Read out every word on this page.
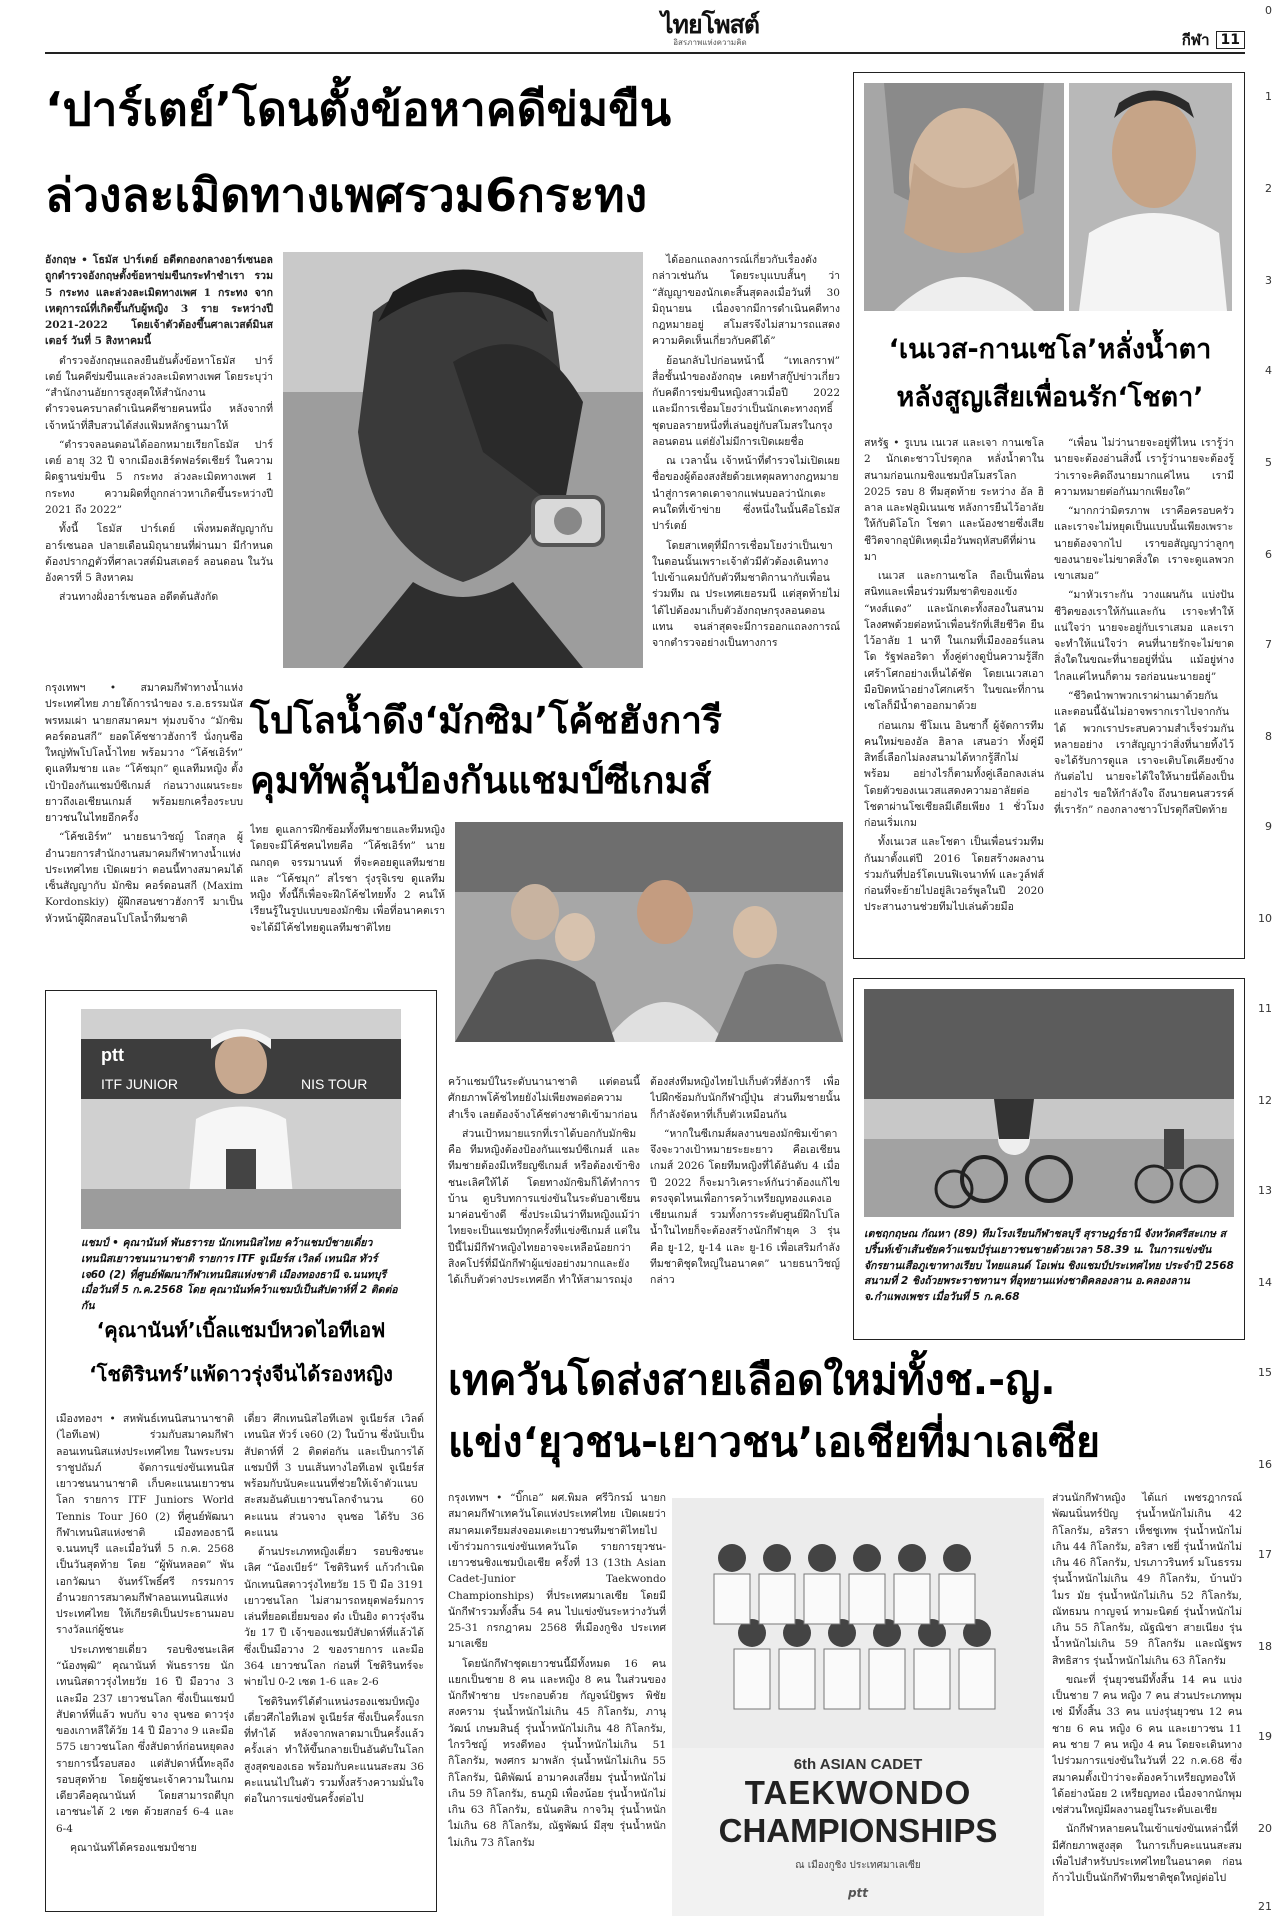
ไทยโพสต์
อิสรภาพแห่งความคิด	กีฬา 11
0
1
2
3
4
5
6
7
8
9
10
11
12
13
14
15
16
17
18
19
20
21
‘ปาร์เตย์’โดนตั้งข้อหาคดีข่มขืน
ล่วงละเมิดทางเพศรวม6กระทง

อังกฤษ • โธมัส ปาร์เตย์ อดีตกองกลางอาร์เซนอลถูกตำรวจอังกฤษตั้งข้อหาข่มขืนกระทำชำเรา รวม 5 กระทง และล่วงละเมิดทางเพศ 1 กระทง จากเหตุการณ์ที่เกิดขึ้นกับผู้หญิง 3 ราย ระหว่างปี 2021-2022 โดยเจ้าตัวต้องขึ้นศาลเวสต์มินสเตอร์ วันที่ 5 สิงหาคมนี้

ตำรวจอังกฤษแถลงยืนยันตั้งข้อหาโธมัส ปาร์เตย์ ในคดีข่มขืนและล่วงละเมิดทางเพศ โดยระบุว่า “สำนักงานอัยการสูงสุดให้สำนักงานตำรวจนครบาลดำเนินคดีชายคนหนึ่ง หลังจากที่เจ้าหน้าที่สืบสวนได้ส่งแฟ้มหลักฐานมาให้

“ตำรวจลอนดอนได้ออกหมายเรียกโธมัส ปาร์เตย์ อายุ 32 ปี จากเมืองเฮิร์ตฟอร์ดเชียร์ ในความผิดฐานข่มขืน 5 กระทง ล่วงละเมิดทางเพศ 1 กระทง ความผิดที่ถูกกล่าวหาเกิดขึ้นระหว่างปี 2021 ถึง 2022”

ทั้งนี้ โธมัส ปาร์เตย์ เพิ่งหมดสัญญากับอาร์เซนอล ปลายเดือนมิถุนายนที่ผ่านมา มีกำหนดต้องปรากฏตัวที่ศาลเวสต์มินสเตอร์ ลอนดอน ในวันอังคารที่ 5 สิงหาคม

ส่วนทางฝั่งอาร์เซนอล อดีตต้นสังกัด

ได้ออกแถลงการณ์เกี่ยวกับเรื่องดังกล่าวเช่นกัน โดยระบุแบบสั้นๆ ว่า “สัญญาของนักเตะสิ้นสุดลงเมื่อวันที่ 30 มิถุนายน เนื่องจากมีการดำเนินคดีทางกฎหมายอยู่ สโมสรจึงไม่สามารถแสดงความคิดเห็นเกี่ยวกับคดีได้”

ย้อนกลับไปก่อนหน้านี้ “เทเลกราฟ” สื่อชั้นนำของอังกฤษ เคยทำสกู๊ปข่าวเกี่ยวกับคดีการข่มขืนหญิงสาวเมื่อปี 2022 และมีการเชื่อมโยงว่าเป็นนักเตะทางฤทธิ์ชุดบอลรายหนึ่งที่เล่นอยู่กับสโมสรในกรุงลอนดอน แต่ยังไม่มีการเปิดเผยชื่อ

ณ เวลานั้น เจ้าหน้าที่ตำรวจไม่เปิดเผยชื่อของผู้ต้องสงสัยด้วยเหตุผลทางกฎหมาย นำสู่การคาดเดาจากแฟนบอลว่านักเตะคนใดที่เข้าข่าย ซึ่งหนึ่งในนั้นคือโธมัส ปาร์เตย์

โดยสาเหตุที่มีการเชื่อมโยงว่าเป็นเขาในตอนนั้นเพราะเจ้าตัวมีตัวต้องเดินทางไปเข้าแคมป์กับตัวทีมชาติกานากับเพื่อนร่วมทีม ณ ประเทศเยอรมนี แต่สุดท้ายไม่ได้ไปต้องมาเก็บตัวอังกฤษกรุงลอนดอนแทน จนล่าสุดจะมีการออกแถลงการณ์จากตำรวจอย่างเป็นทางการ

‘เนเวส-กานเซโล’หลั่งน้ำตา
หลังสูญเสียเพื่อนรัก‘โชตา’

สหรัฐ • รูเบน เนเวส และเจา กานเซโล 2 นักเตะชาวโปรตุกล หลั่งน้ำตาในสนามก่อนเกมชิงแชมป์สโมสรโลก 2025 รอบ 8 ทีมสุดท้าย ระหว่าง อัล ฮิลาล และฟลูมิเนนเซ หลังการยืนไว้อาลัยให้กับดิโอโก โชตา และน้องชายซึ่งเสียชีวิตจากอุบัติเหตุเมื่อวันพฤหัสบดีที่ผ่านมา

เนเวส และกานเซโล ถือเป็นเพื่อนสนิทและเพื่อนร่วมทีมชาติของแข้ง “หงส์แดง” และนักเตะทั้งสองในสนามโลงศพด้วยต่อหน้าเพื่อนรักที่เสียชีวิต ยืนไว้อาลัย 1 นาที ในเกมที่เมืองออร์แลนโด รัฐฟลอริดา ทั้งคู่ต่างดูปั่นความรู้สึกเศร้าโศกอย่างเห็นได้ชัด โดยเนเวสเอามือปิดหน้าอย่างโศกเศร้า ในขณะที่กานเซโลก็มีน้ำตาออกมาด้วย

ก่อนเกม ชีโมเน อินซากี้ ผู้จัดการทีมคนใหม่ของอัล ฮิลาล เสนอว่า ทั้งคู่มีสิทธิ์เลือกไม่ลงสนามได้หากรู้สึกไม่พร้อม อย่างไรก็ตามทั้งคู่เลือกลงเล่น โดยตัวของเนเวสแสดงความอาลัยต่อโชตาผ่านโซเชียลมีเดียเพียง 1 ชั่วโมงก่อนเริ่มเกม

ทั้งเนเวส และโชตา เป็นเพื่อนร่วมทีมกันมาตั้งแต่ปี 2016 โดยสร้างผลงานร่วมกันที่ปอร์โตเบนฟิเจนาท์พ์ และวูล์ฟส์ก่อนที่จะย้ายไปอยู่ลิเวอร์พูลในปี 2020 ประสานงานช่วยทีมไปเล่นด้วยมือ

“เพื่อน ไม่ว่านายจะอยู่ที่ไหน เรารู้ว่านายจะต้องอ่านสิ่งนี้ เรารู้ว่านายจะต้องรู้ว่าเราจะคิดถึงนายมากแค่ไหน เรามีความหมายต่อกันมากเพียงใด”

“มากกว่ามิตรภาพ เราคือครอบครัว และเราจะไม่หยุดเป็นแบบนั้นเพียงเพราะนายต้องจากไป เราขอสัญญาว่าลูกๆ ของนายจะไม่ขาดสิ่งใด เราจะดูแลพวกเขาเสมอ”

“มาหัวเราะกัน วางแผนกัน แบ่งปันชีวิตของเราให้กันและกัน เราจะทำให้แน่ใจว่า นายจะอยู่กับเราเสมอ และเราจะทำให้แน่ใจว่า คนที่นายรักจะไม่ขาดสิ่งใดในขณะที่นายอยู่ที่นั่น แม้อยู่ห่างไกลแค่ไหนก็ตาม รอก่อนนะนายอยู่”

“ชีวิตนำพาพวกเราผ่านมาด้วยกัน และตอนนี้ฉันไม่อาจพรากเราไปจากกันได้ พวกเราประสบความสำเร็จร่วมกันหลายอย่าง เราสัญญาว่าสิ่งที่นายทิ้งไว้จะได้รับการดูแล เราจะเติบโตเคียงข้างกันต่อไป นายจะได้ใจให้นายนี่ต้องเป็นอย่างไร ขอให้กำลังใจ ถึงนายคนสวรรค์ที่เรารัก” กองกลางชาวโปรตุกีสปิดท้าย

กรุงเทพฯ • สมาคมกีฬาทางน้ำแห่งประเทศไทย ภายใต้การนำของ ร.อ.ธรรมนัส พรหมเผ่า นายกสมาคมฯ ทุ่มงบจ้าง “มักซิม คอร์ดอนสกี” ยอดโค้ชชาวฮังการี นั่งกุนซือใหญ่ทัพโปโลน้ำไทย พร้อมวาง “โค้ชเอิร์ท” ดูแลทีมชาย และ “โค้ชมุก” ดูแลทีมหญิง ตั้งเป้าป้องกันแชมป์ซีเกมส์ ก่อนวางแผนระยะยาวถึงเอเชียนเกมส์ พร้อมยกเครื่องระบบยาวชนในไทยอีกครั้ง

“โค้ชเอิร์ท” นายธนาวิชญ์ โถสกุล ผู้อำนวยการสำนักงานสมาคมกีฬาทางน้ำแห่งประเทศไทย เปิดเผยว่า ตอนนี้ทางสมาคมได้เซ็นสัญญากับ มักซิม คอร์ดอนสกี (Maxim Kordonskiy) ผู้ฝึกสอนชาวฮังการี มาเป็นหัวหน้าผู้ฝึกสอนโปโลน้ำทีมชาติ

โปโลน้ำดึง‘มักซิม’โค้ชฮังการี
คุมทัพลุ้นป้องกันแชมป์ซีเกมส์

ไทย ดูแลการฝึกซ้อมทั้งทีมชายและทีมหญิง โดยจะมีโค้ชคนไทยคือ “โค้ชเอิร์ท” นายณกฤต จรรมานนท์ ที่จะคอยดูแลทีมชาย และ “โค้ชมุก” สไรชา รุ่งรุจิเรข ดูแลทีมหญิง ทั้งนี้ก็เพื่อจะฝึกโค้ชไทยทั้ง 2 คนให้เรียนรู้ในรูปแบบของมักซิม เพื่อที่อนาคตเราจะได้มีโค้ชไทยดูแลทีมชาติไทย

ptt
ITF JUNIOR	NIS TOUR
แชมป์ • คุณานันท์ พันธรารย นักเทนนิสไทย คว้าแชมป์ชายเดี่ยวเทนนิสเยาวชนนานาชาติ รายการ ITF จูเนียร์ส เวิลด์ เทนนิส ทัวร์ เจ60 (2) ที่ศูนย์พัฒนากีฬาเทนนิสแห่งชาติ เมืองทองธานี จ.นนทบุรี เมื่อวันที่ 5 ก.ค.2568 โดย คุณานันท์คว้าแชมป์เป็นสัปดาห์ที่ 2 ติดต่อกัน
‘คุณานันท์’เบิ้ลแชมป์หวดไอทีเอฟ
‘โชติรินทร์’แพ้ดาวรุ่งจีนได้รองหญิง

เมืองทองฯ • สหพันธ์เทนนิสนานาชาติ (ไอทีเอฟ) ร่วมกับสมาคมกีฬาลอนเทนนิสแห่งประเทศไทย ในพระบรมราชูปถัมภ์ จัดการแข่งขันเทนนิสเยาวชนนานาชาติ เก็บคะแนนเยาวชนโลก รายการ ITF Juniors World Tennis Tour J60 (2) ที่ศูนย์พัฒนากีฬาเทนนิสแห่งชาติ เมืองทองธานี จ.นนทบุรี และเมื่อวันที่ 5 ก.ค. 2568 เป็นวันสุดท้าย โดย “ผู้พันหลอด” พันเอกวัฒนา จันทร์โพธิ์ศรี กรรมการอำนวยการสมาคมกีฬาลอนเทนนิสแห่งประเทศไทย ให้เกียรติเป็นประธานมอบรางวัลแก่ผู้ชนะ

ประเภทชายเดี่ยว รอบชิงชนะเลิศ “น้องพุฒิ” คุณานันท์ พันธรารย นักเทนนิสดาวรุ่งไทยวัย 16 ปี มือวาง 3 และมือ 237 เยาวชนโลก ซึ่งเป็นแชมป์สัปดาห์ที่แล้ว พบกับ จาง จุนซอ ดาวรุ่งของเกาหลีใต้วัย 14 ปี มือวาง 9 และมือ 575 เยาวชนโลก ซึ่งสัปดาห์ก่อนหยุดลงรายการนี้รอบสอง แต่สัปดาห์นี้ทะลุถึงรอบสุดท้าย โดยผู้ชนะเจ้าความในเกมเดียวคือคุณานันท์ โดยสามารถตีบุกเอาชนะได้ 2 เซต ด้วยสกอร์ 6-4 และ 6-4

คุณานันท์ได้ครองแชมป์ชาย

เดี่ยว ศึกเทนนิสไอทีเอฟ จูเนียร์ส เวิลด์ เทนนิส ทัวร์ เจ60 (2) ในบ้าน ซึ่งนับเป็นสัปดาห์ที่ 2 ติดต่อกัน และเป็นการได้แชมป์ที่ 3 บนเส้นทางไอทีเอฟ จูเนียร์ส พร้อมกับนับคะแนนที่ช่วยให้เจ้าตัวแนบสะสมอันดับเยาวชนโลกจำนวน 60 คะแนน ส่วนจาง จุนซอ ได้รับ 36 คะแนน

ด้านประเภทหญิงเดี่ยว รอบชิงชนะเลิศ “น้องเบียร์” โชติรินทร์ แก้วกำเนิด นักเทนนิสดาวรุ่งไทยวัย 15 ปี มือ 3191 เยาวชนโลก ไม่สามารถหยุดฟอร์มการเล่นที่ยอดเยี่ยมของ ต๋ง เป็นยิง ดาวรุ่งจีนวัย 17 ปี เจ้าของแชมป์สัปดาห์ที่แล้วได้ ซึ่งเป็นมือวาง 2 ของรายการ และมือ 364 เยาวชนโลก ก่อนที่ โชติรินทร์จะพ่ายไป 0-2 เซต 1-6 และ 2-6

โชติรินทร์ได้ตำแหน่งรองแชมป์หญิงเดี่ยวศึกไอทีเอฟ จูเนียร์ส ซึ่งเป็นครั้งแรกที่ทำได้ หลังจากพลาดมาเป็นครั้งแล้วครั้งเล่า ทำให้ขึ้นกลายเป็นอันดับในโลกสูงสุดของเธอ พร้อมกับคะแนนสะสม 36 คะแนนไปในตัว รวมทั้งสร้างความมั่นใจต่อในการแข่งขันครั้งต่อไป

คว้าแชมป์ในระดับนานาชาติ แต่ตอนนี้ศักยภาพโค้ชไทยยังไม่เพียงพอต่อความสำเร็จ เลยต้องจ้างโค้ชต่างชาติเข้ามาก่อน

ส่วนเป้าหมายแรกที่เราได้บอกกับมักซิม คือ ทีมหญิงต้องป้องกันแชมป์ซีเกมส์ และทีมชายต้องมีเหรียญซีเกมส์ หรือต้องเข้าชิงชนะเลิศให้ได้ โดยทางมักซิมก็ได้ทำการบ้าน ดูบริบทการแข่งขันในระดับอาเซียนมาค่อนข้างดี ซึ่งประเมินว่าทีมหญิงแม้ว่าไทยจะเป็นแชมป์ทุกครั้งที่แข่งซีเกมส์ แต่ในปีนี้ไม่มีกีฬาหญิงไทยอาจจะเหลือน้อยกว่าสิงคโปร์ที่มีนักกีฬาผู้แข่งอย่างมากและยังได้เก็บตัวต่างประเทศอีก ทำให้สามารถมุ่ง

ต้องส่งทีมหญิงไทยไปเก็บตัวที่ฮังการี เพื่อไปฝึกซ้อมกับนักกีฬาญี่ปุ่น ส่วนทีมชายนั้นก็กำลังจัดหาที่เก็บตัวเหมือนกัน

“หากในซีเกมส์ผลงานของมักซิมเข้าตาจึงจะวางเป้าหมายระยะยาว คือเอเชียนเกมส์ 2026 โดยทีมหญิงที่ได้อันดับ 4 เมื่อปี 2022 ก็จะมาวิเคราะห์กันว่าต้องแก้ไขตรงจุดไหนเพื่อการคว้าเหรียญทองแดงเอเชียนเกมส์ รวมทั้งการระดับศูนย์ฝึกโปโลน้ำในไทยก็จะต้องสร้างนักกีฬายุค 3 รุ่น คือ ยู-12, ยู-14 และ ยู-16 เพื่อเสริมกำลังทีมชาติชุดใหญ่ในอนาคต” นายธนาวิชญ์กล่าว

เตชฤกฤษณ กัณหา (89) ทีมโรงเรียนกีฬาชลบุรี สุราษฎร์ธานี จังหวัดศรีสะเกษ สปริ้นท์เข้าเส้นชัยคว้าแชมป์รุ่นเยาวชนชายด้วยเวลา 58.39 น. ในการแข่งขันจักรยานเสือภูเขาทางเรียบ ไทยแลนด์ โอเพ่น ชิงแชมป์ประเทศไทย ประจำปี 2568 สนามที่ 2 ชิงถ้วยพระราชทานฯ ที่อุทยานแห่งชาติคลองลาน อ.คลองลาน จ.กำแพงเพชร เมื่อวันที่ 5 ก.ค.68
เทควันโดส่งสายเลือดใหม่ทั้งช.-ญ.
แข่ง‘ยุวชน-เยาวชน’เอเชียที่มาเลเซีย

กรุงเทพฯ • “บิ๊กเอ” ผศ.พิมล ศรีวิกรม์ นายกสมาคมกีฬาเทควันโดแห่งประเทศไทย เปิดเผยว่า สมาคมเตรียมส่งจอมเตะเยาวชนทีมชาติไทยไปเข้าร่วมการแข่งขันเทควันโด รายการยุวชน-เยาวชนชิงแชมป์เอเชีย ครั้งที่ 13 (13th Asian Cadet-Junior Taekwondo Championships) ที่ประเทศมาเลเซีย โดยมีนักกีฬารวมทั้งสิ้น 54 คน ไปแข่งขันระหว่างวันที่ 25-31 กรกฎาคม 2568 ที่เมืองกูชิง ประเทศมาเลเซีย

โดยนักกีฬาชุดเยาวชนนี้มีทั้งหมด 16 คน แยกเป็นชาย 8 คน และหญิง 8 คน ในส่วนของนักกีฬาชาย ประกอบด้วย กัญจน์ปัฐพร พิชัยสงคราม รุ่นน้ำหนักไม่เกิน 45 กิโลกรัม, ภานุวัฒน์ เกษมสินธุ์ รุ่นน้ำหนักไม่เกิน 48 กิโลกรัม, ไกรวิชญ์ ทรงดีทอง รุ่นน้ำหนักไม่เกิน 51 กิโลกรัม, พงศกร มาพลัก รุ่นน้ำหนักไม่เกิน 55 กิโลกรัม, นิติพัฒน์ อามาคงเสงี่ยม รุ่นน้ำหนักไม่เกิน 59 กิโลกรัม, ธนภูมิ เพื่องน้อย รุ่นน้ำหนักไม่เกิน 63 กิโลกรัม, ธนันตสิน กาจวิมุ รุ่นน้ำหนักไม่เกิน 68 กิโลกรัม, ณัฐพัฒน์ มีสุข รุ่นน้ำหนักไม่เกิน 73 กิโลกรัม

6th ASIAN CADET
TAEKWONDO
CHAMPIONSHIPS
ณ เมืองกูชิง ประเทศมาเลเซีย
ptt

ส่วนนักกีฬาหญิง ได้แก่ เพชรฎากรณ์ พัฒนนิ่นทร์ปัญ รุ่นน้ำหนักไม่เกิน 42 กิโลกรัม, อริสรา เห็ชชูเทพ รุ่นน้ำหนักไม่เกิน 44 กิโลกรัม, อริสา เชยี่ รุ่นน้ำหนักไม่เกิน 46 กิโลกรัม, ปรเภาวรินทร์ มโนธรรม รุ่นน้ำหนักไม่เกิน 49 กิโลกรัม, บ้านบัว ไมร มัย รุ่นน้ำหนักไม่เกิน 52 กิโลกรัม, ณัทธมน กาญจน์ ทามะนิตย์ รุ่นน้ำหนักไม่เกิน 55 กิโลกรัม, ณัฐณิชา สายเนียง รุ่นน้ำหนักไม่เกิน 59 กิโลกรัม และณัฐพร สิทธิสาร รุ่นน้ำหนักไม่เกิน 63 กิโลกรัม

ขณะที่ รุ่นยุวชนมีทั้งสิ้น 14 คน แบ่งเป็นชาย 7 คน หญิง 7 คน ส่วนประเภทพุมเซ่ มีทั้งสิ้น 33 คน แบ่งรุ่นยุวชน 12 คน ชาย 6 คน หญิง 6 คน และเยาวชน 11 คน ชาย 7 คน หญิง 4 คน โดยจะเดินทางไปร่วมการแข่งขันในวันที่ 22 ก.ค.68 ซึ่งสมาคมตั้งเป้าว่าจะต้องคว้าเหรียญทองให้ได้อย่างน้อย 2 เหรียญทอง เนื่องจากนักพุมเซ่ส่วนใหญ่มีผลงานอยู่ในระดับเอเชีย

นักกีฬาหลายคนในเข้าแข่งขันเหล่านี้ที่มีศักยภาพสูงสุด ในการเก็บคะแนนสะสมเพื่อไปสำหรับประเทศไทยในอนาคต ก่อนก้าวไปเป็นนักกีฬาทีมชาติชุดใหญ่ต่อไป
